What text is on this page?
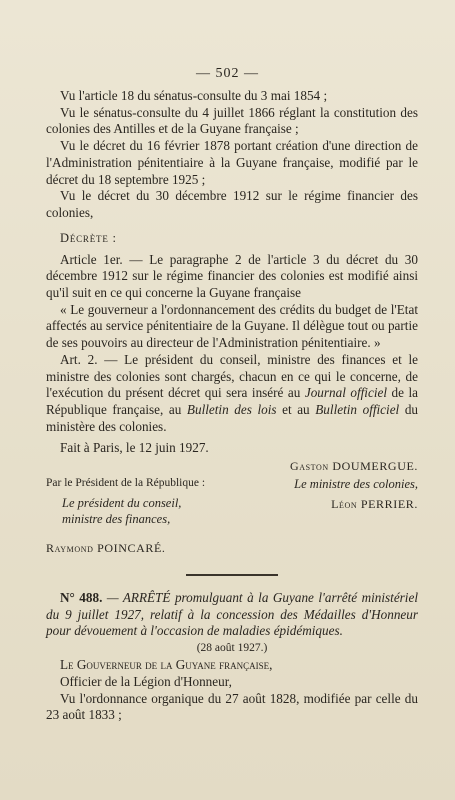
— 502 —

Vu l'article 18 du sénatus-consulte du 3 mai 1854 ;

Vu le sénatus-consulte du 4 juillet 1866 réglant la constitution des colonies des Antilles et de la Guyane française ;

Vu le décret du 16 février 1878 portant création d'une direction de l'Administration pénitentiaire à la Guyane française, modifié par le décret du 18 septembre 1925 ;

Vu le décret du 30 décembre 1912 sur le régime financier des colonies,

Décrète :

Article 1er. — Le paragraphe 2 de l'article 3 du décret du 30 décembre 1912 sur le régime financier des colonies est modifié ainsi qu'il suit en ce qui concerne la Guyane française

« Le gouverneur a l'ordonnancement des crédits du budget de l'Etat affectés au service pénitentiaire de la Guyane. Il délègue tout ou partie de ses pouvoirs au directeur de l'Administration pénitentiaire. »

Art. 2. — Le président du conseil, ministre des finances et le ministre des colonies sont chargés, chacun en ce qui le concerne, de l'exécution du présent décret qui sera inséré au Journal officiel de la République française, au Bulletin des lois et au Bulletin officiel du ministère des colonies.

Fait à Paris, le 12 juin 1927.

Gaston DOUMERGUE.
Par le Président de la République :	Le ministre des colonies,
Le président du conseil,
ministre des finances,
Léon PERRIER.
Raymond POINCARÉ.

N° 488. — ARRÊTÉ promulguant à la Guyane l'arrêté ministériel du 9 juillet 1927, relatif à la concession des Médailles d'Honneur pour dévouement à l'occasion de maladies épidémiques.

(28 août 1927.)

Le Gouverneur de la Guyane française,

Officier de la Légion d'Honneur,

Vu l'ordonnance organique du 27 août 1828, modifiée par celle du 23 août 1833 ;
